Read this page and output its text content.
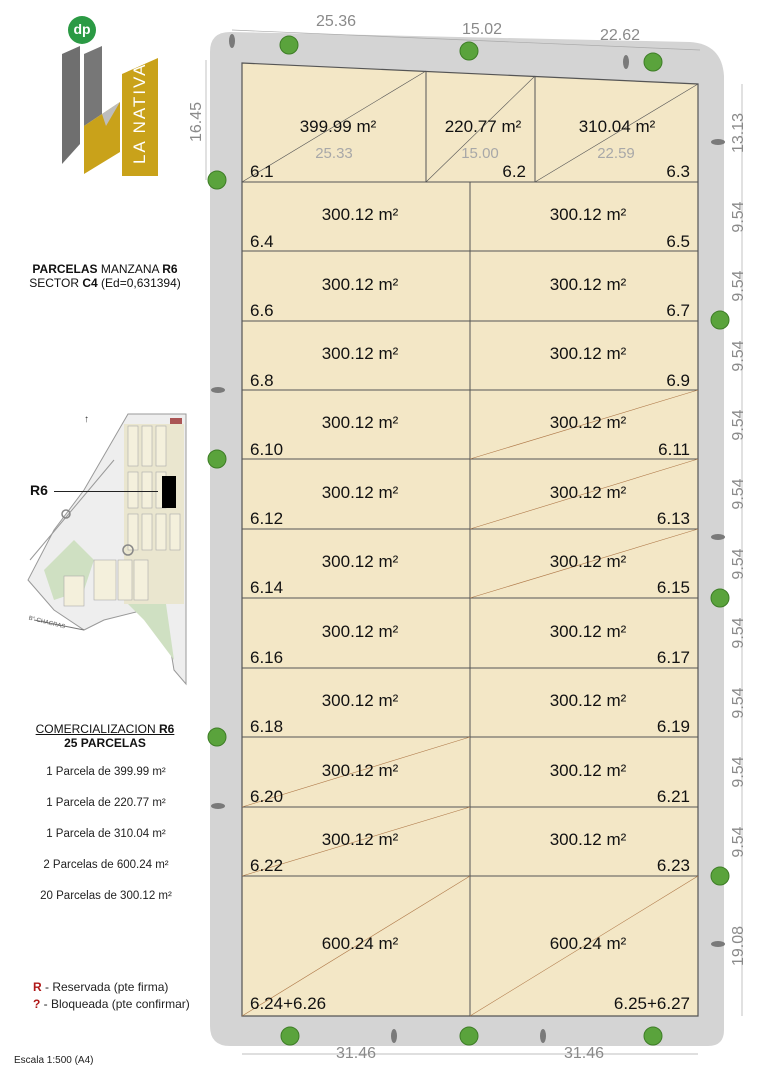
dp
LA NATIVA
PARCELAS MANZANA R6
SECTOR C4 (Ed=0,631394)
R6
B° CHACRAS
↑
COMERCIALIZACION R6
25 PARCELAS
1 Parcela de 399.99 m²
1 Parcela de 220.77 m²
1 Parcela de 310.04 m²
2 Parcelas de 600.24 m²
20 Parcelas de 300.12 m²
R - Reservada (pte firma)
? - Bloqueada (pte confirmar)
Escala 1:500 (A4)
25.33	15.00	22.59
399.99 m²
6.1
220.77 m²
6.2
310.04 m²
6.3
300.12 m²
6.4
300.12 m²
6.5
300.12 m²
6.6
300.12 m²
6.7
300.12 m²
6.8
300.12 m²
6.9
300.12 m²
6.10
300.12 m²
6.11
300.12 m²
6.12
300.12 m²
6.13
300.12 m²
6.14
300.12 m²
6.15
300.12 m²
6.16
300.12 m²
6.17
300.12 m²
6.18
300.12 m²
6.19
300.12 m²
6.20
300.12 m²
6.21
300.12 m²
6.22
300.12 m²
6.23
600.24 m²
6.24+6.26
600.24 m²
6.25+6.27
25.36	15.02	22.62
16.45	13.13
9.54
9.54
9.54
9.54
9.54
9.54
9.54
9.54
9.54
9.54
19.08
31.46	31.46
